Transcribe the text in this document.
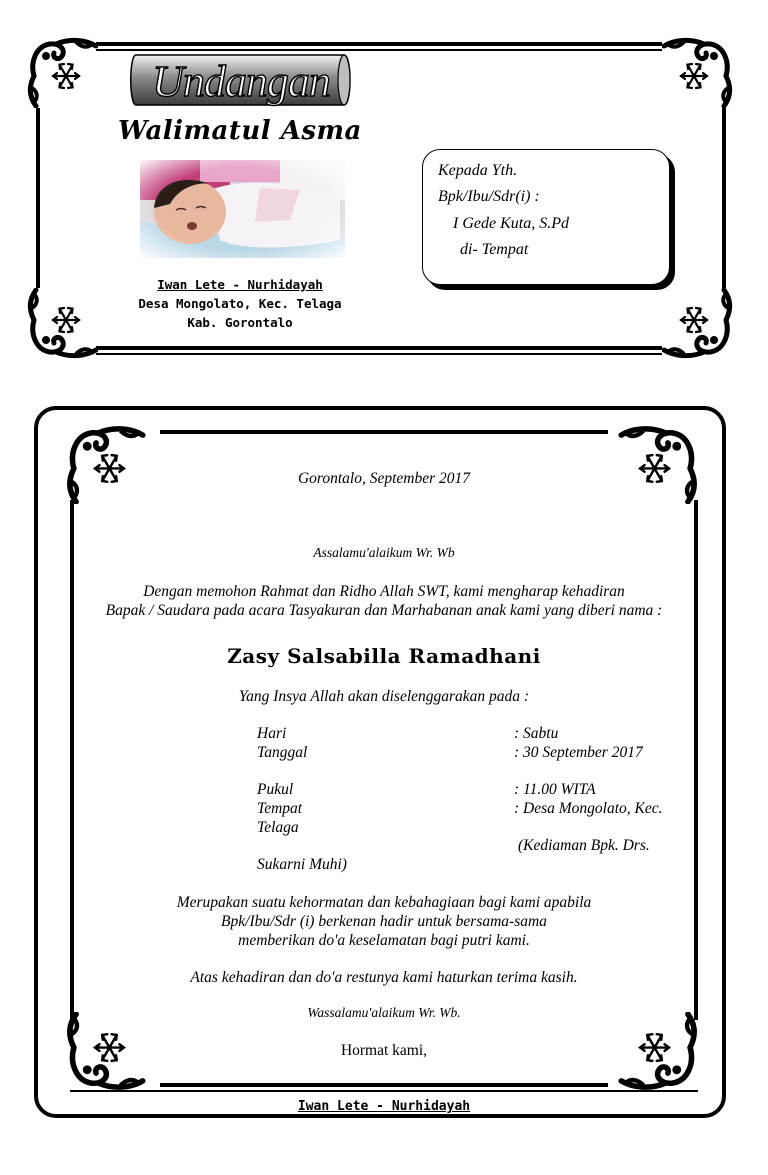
Undangan
Walimatul Asma
Iwan Lete - Nurhidayah
Desa Mongolato, Kec. Telaga
Kab. Gorontalo
Kepada Yth.
Bpk/Ibu/Sdr(i) :
I Gede Kuta, S.Pd
di- Tempat
Gorontalo, September 2017
Assalamu'alaikum Wr. Wb
Dengan memohon Rahmat dan Ridho Allah SWT, kami mengharap kehadiran
Bapak / Saudara pada acara Tasyakuran dan Marhabanan anak kami yang diberi nama :
Zasy Salsabilla Ramadhani
Yang Insya Allah akan diselenggarakan pada :
Hari	: Sabtu
Tanggal	: 30 September 2017
Pukul	: 11.00 WITA
Tempat	: Desa Mongolato, Kec.
Telaga
(Kediaman Bpk. Drs.
Sukarni Muhi)
Merupakan suatu kehormatan dan kebahagiaan bagi kami apabila
Bpk/Ibu/Sdr (i) berkenan hadir untuk bersama-sama
memberikan do'a keselamatan bagi putri kami.
Atas kehadiran dan do'a restunya kami haturkan terima kasih.
Wassalamu'alaikum Wr. Wb.
Hormat kami,
Iwan Lete - Nurhidayah
